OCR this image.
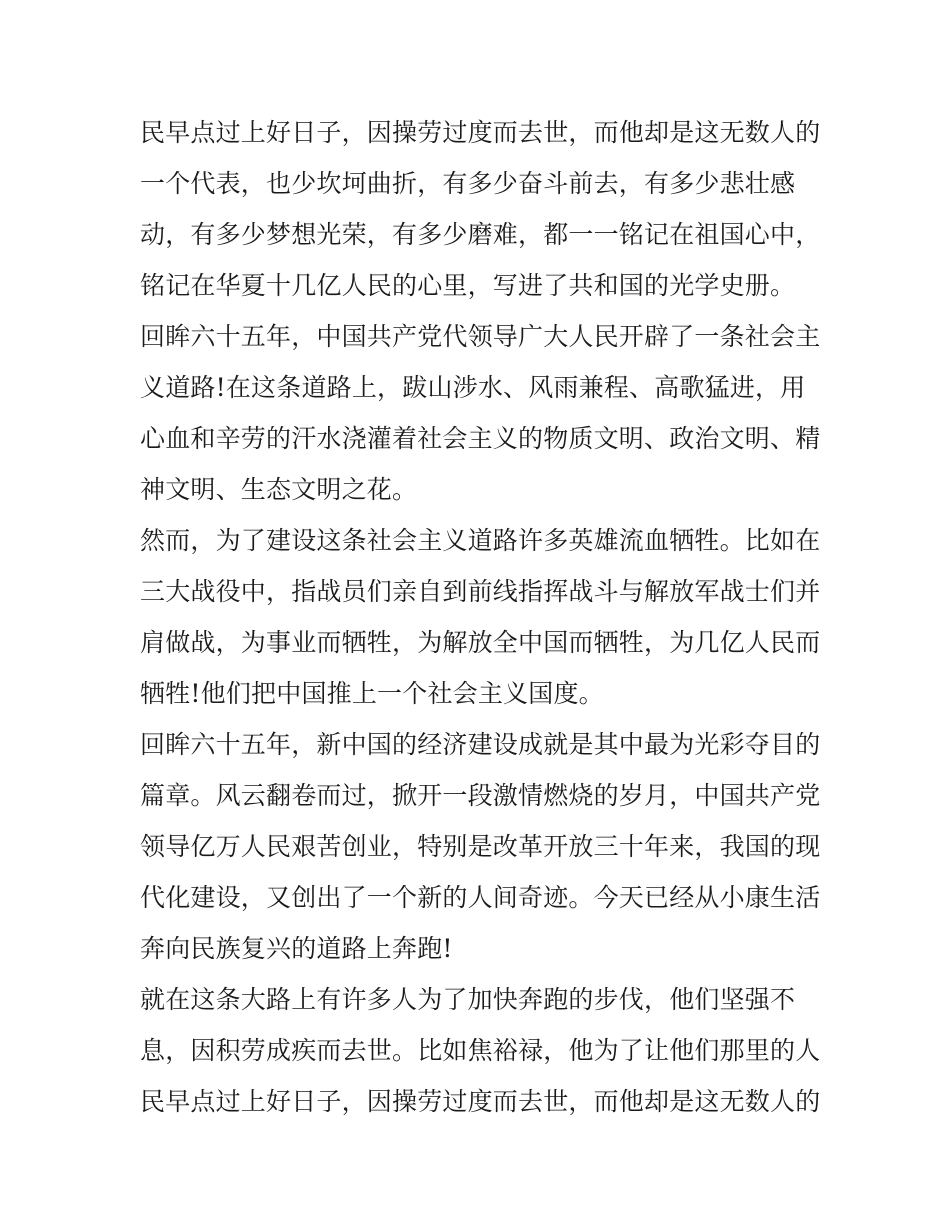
民早点过上好日子，因操劳过度而去世，而他却是这无数人的
一个代表，也少坎坷曲折，有多少奋斗前去，有多少悲壮感
动，有多少梦想光荣，有多少磨难，都一一铭记在祖国心中，
铭记在华夏十几亿人民的心里，写进了共和国的光学史册。
回眸六十五年，中国共产党代领导广大人民开辟了一条社会主
义道路!在这条道路上，跋山涉水、风雨兼程、高歌猛进，用
心血和辛劳的汗水浇灌着社会主义的物质文明、政治文明、精
神文明、生态文明之花。
然而，为了建设这条社会主义道路许多英雄流血牺牲。比如在
三大战役中，指战员们亲自到前线指挥战斗与解放军战士们并
肩做战，为事业而牺牲，为解放全中国而牺牲，为几亿人民而
牺牲!他们把中国推上一个社会主义国度。
回眸六十五年，新中国的经济建设成就是其中最为光彩夺目的
篇章。风云翻卷而过，掀开一段激情燃烧的岁月，中国共产党
领导亿万人民艰苦创业，特别是改革开放三十年来，我国的现
代化建设，又创出了一个新的人间奇迹。今天已经从小康生活
奔向民族复兴的道路上奔跑!
就在这条大路上有许多人为了加快奔跑的步伐，他们坚强不
息，因积劳成疾而去世。比如焦裕禄，他为了让他们那里的人
民早点过上好日子，因操劳过度而去世，而他却是这无数人的
